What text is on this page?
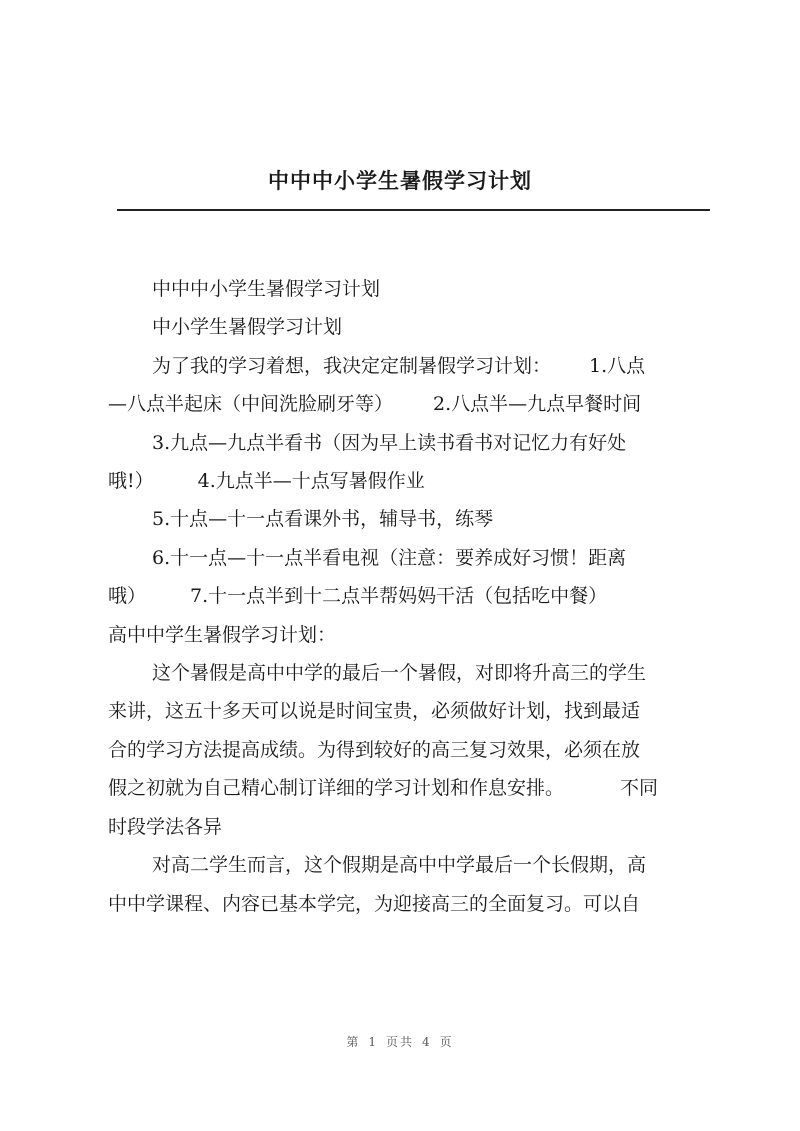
中中中小学生暑假学习计划

中中中小学生暑假学习计划

中小学生暑假学习计划

为了我的学习着想，我决定定制暑假学习计划： 1.八点

—八点半起床（中间洗脸刷牙等） 2.八点半—九点早餐时间

3.九点—九点半看书（因为早上读书看书对记忆力有好处

哦!） 4.九点半—十点写暑假作业

5.十点—十一点看课外书，辅导书，练琴

6.十一点—十一点半看电视（注意：要养成好习惯！距离

哦） 7.十一点半到十二点半帮妈妈干活（包括吃中餐）

高中中学生暑假学习计划：

这个暑假是高中中学的最后一个暑假，对即将升高三的学生

来讲，这五十多天可以说是时间宝贵，必须做好计划，找到最适

合的学习方法提高成绩。为得到较好的高三复习效果，必须在放

假之初就为自己精心制订详细的学习计划和作息安排。	不同

时段学法各异

对高二学生而言，这个假期是高中中学最后一个长假期，高

中中学课程、内容已基本学完，为迎接高三的全面复习。可以自

第 1 页共 4 页
